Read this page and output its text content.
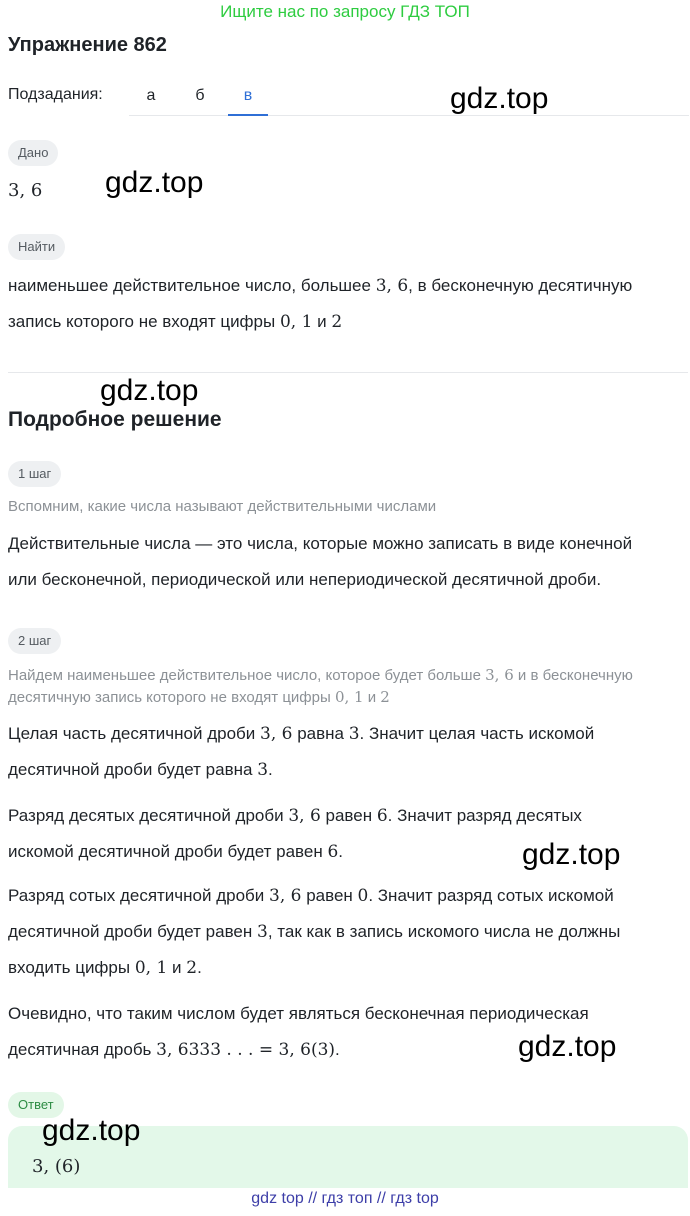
Ищите нас по запросу ГДЗ ТОП
Упражнение 862
Подзадания:	а	б	в	gdz.top
Дано
3, 6 gdz.top
Найти
наименьшее действительное число, большее 3, 6, в бесконечную десятичную
запись которого не входят цифры 0, 1 и 2
gdz.top
Подробное решение
1 шаг
Вспомним, какие числа называют действительными числами
Действительные числа — это числа, которые можно записать в виде конечной
или бесконечной, периодической или непериодической десятичной дроби.
2 шаг
Найдем наименьшее действительное число, которое будет больше 3, 6 и в бесконечную
десятичную запись которого не входят цифры 0, 1 и 2
Целая часть десятичной дроби 3, 6 равна 3. Значит целая часть искомой
десятичной дроби будет равна 3.
Разряд десятых десятичной дроби 3, 6 равен 6. Значит разряд десятых
искомой десятичной дроби будет равен 6.	gdz.top
Разряд сотых десятичной дроби 3, 6 равен 0. Значит разряд сотых искомой
десятичной дроби будет равен 3, так как в запись искомого числа не должны
входить цифры 0, 1 и 2.
Очевидно, что таким числом будет являться бесконечная периодическая
десятичная дробь 3, 6333 . . . = 3, 6(3).	gdz.top
Ответ
3, (6)
gdz.top
gdz top // гдз топ // гдз top
